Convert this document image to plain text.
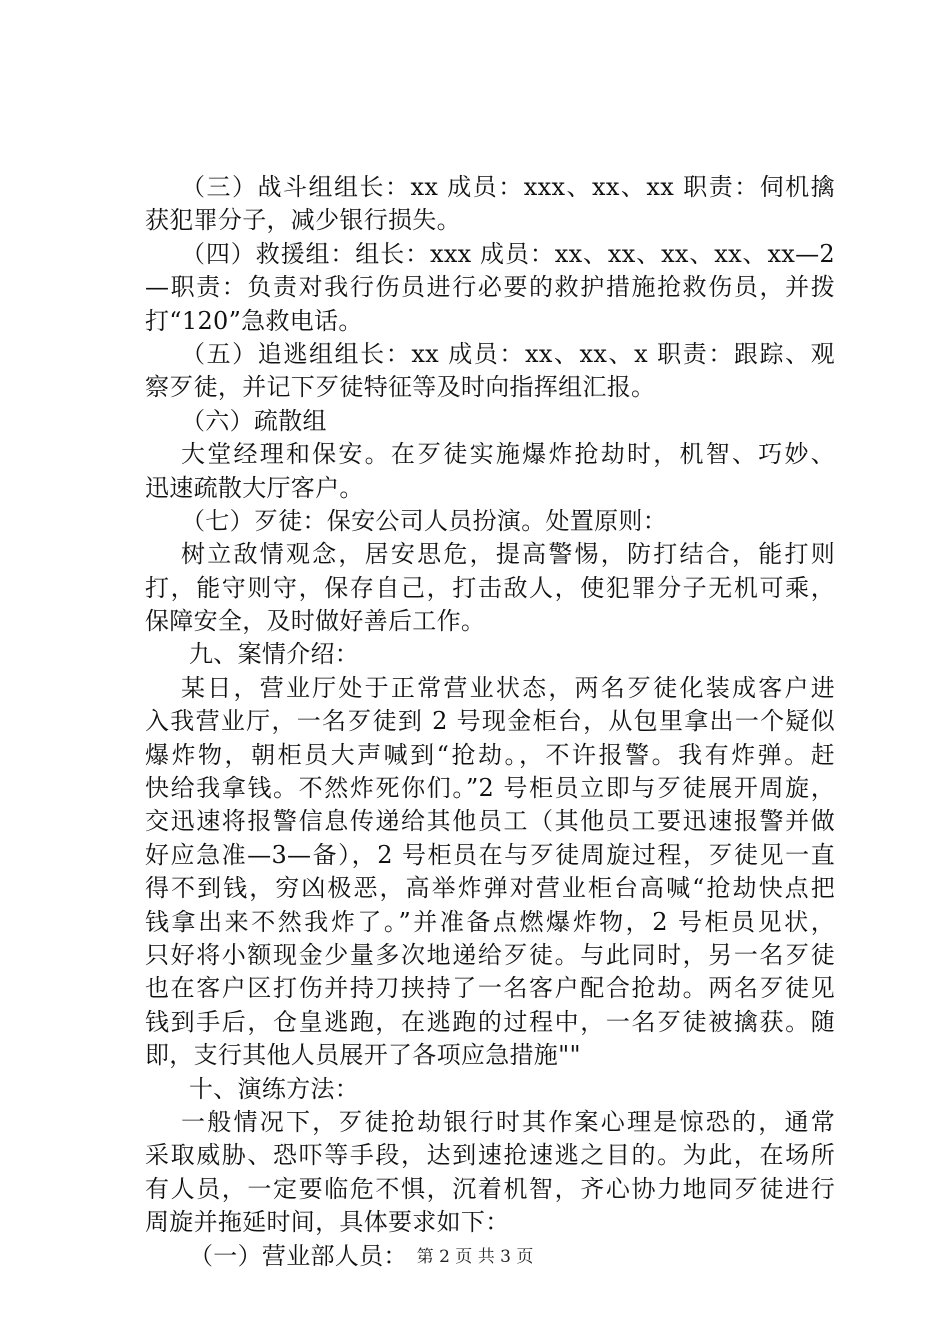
（三）战斗组组长：xx 成员：xxx、xx、xx 职责：伺机擒
获犯罪分子，减少银行损失。
（四）救援组：组长：xxx 成员：xx、xx、xx、xx、xx—2
—职责：负责对我行伤员进行必要的救护措施抢救伤员，并拨
打“120”急救电话。
（五）追逃组组长：xx 成员：xx、xx、x 职责：跟踪、观
察歹徒，并记下歹徒特征等及时向指挥组汇报。
（六）疏散组
大堂经理和保安。在歹徒实施爆炸抢劫时，机智、巧妙、
迅速疏散大厅客户。
（七）歹徒：保安公司人员扮演。处置原则：
树立敌情观念，居安思危，提高警惕，防打结合，能打则
打，能守则守，保存自己，打击敌人，使犯罪分子无机可乘，
保障安全，及时做好善后工作。
九、案情介绍：
某日，营业厅处于正常营业状态，两名歹徒化装成客户进
入我营业厅，一名歹徒到 2 号现金柜台，从包里拿出一个疑似
爆炸物，朝柜员大声喊到“抢劫。，不许报警。我有炸弹。赶
快给我拿钱。不然炸死你们。”2 号柜员立即与歹徒展开周旋，
交迅速将报警信息传递给其他员工（其他员工要迅速报警并做
好应急准—3—备），2 号柜员在与歹徒周旋过程，歹徒见一直
得不到钱，穷凶极恶，高举炸弹对营业柜台高喊“抢劫快点把
钱拿出来不然我炸了。”并准备点燃爆炸物，2 号柜员见状，
只好将小额现金少量多次地递给歹徒。与此同时，另一名歹徒
也在客户区打伤并持刀挟持了一名客户配合抢劫。两名歹徒见
钱到手后，仓皇逃跑，在逃跑的过程中，一名歹徒被擒获。随
即，支行其他人员展开了各项应急措施""
十、演练方法：
一般情况下，歹徒抢劫银行时其作案心理是惊恐的，通常
采取威胁、恐吓等手段，达到速抢速逃之目的。为此，在场所
有人员，一定要临危不惧，沉着机智，齐心协力地同歹徒进行
周旋并拖延时间，具体要求如下：
（一）营业部人员： 第 2 页 共 3 页
